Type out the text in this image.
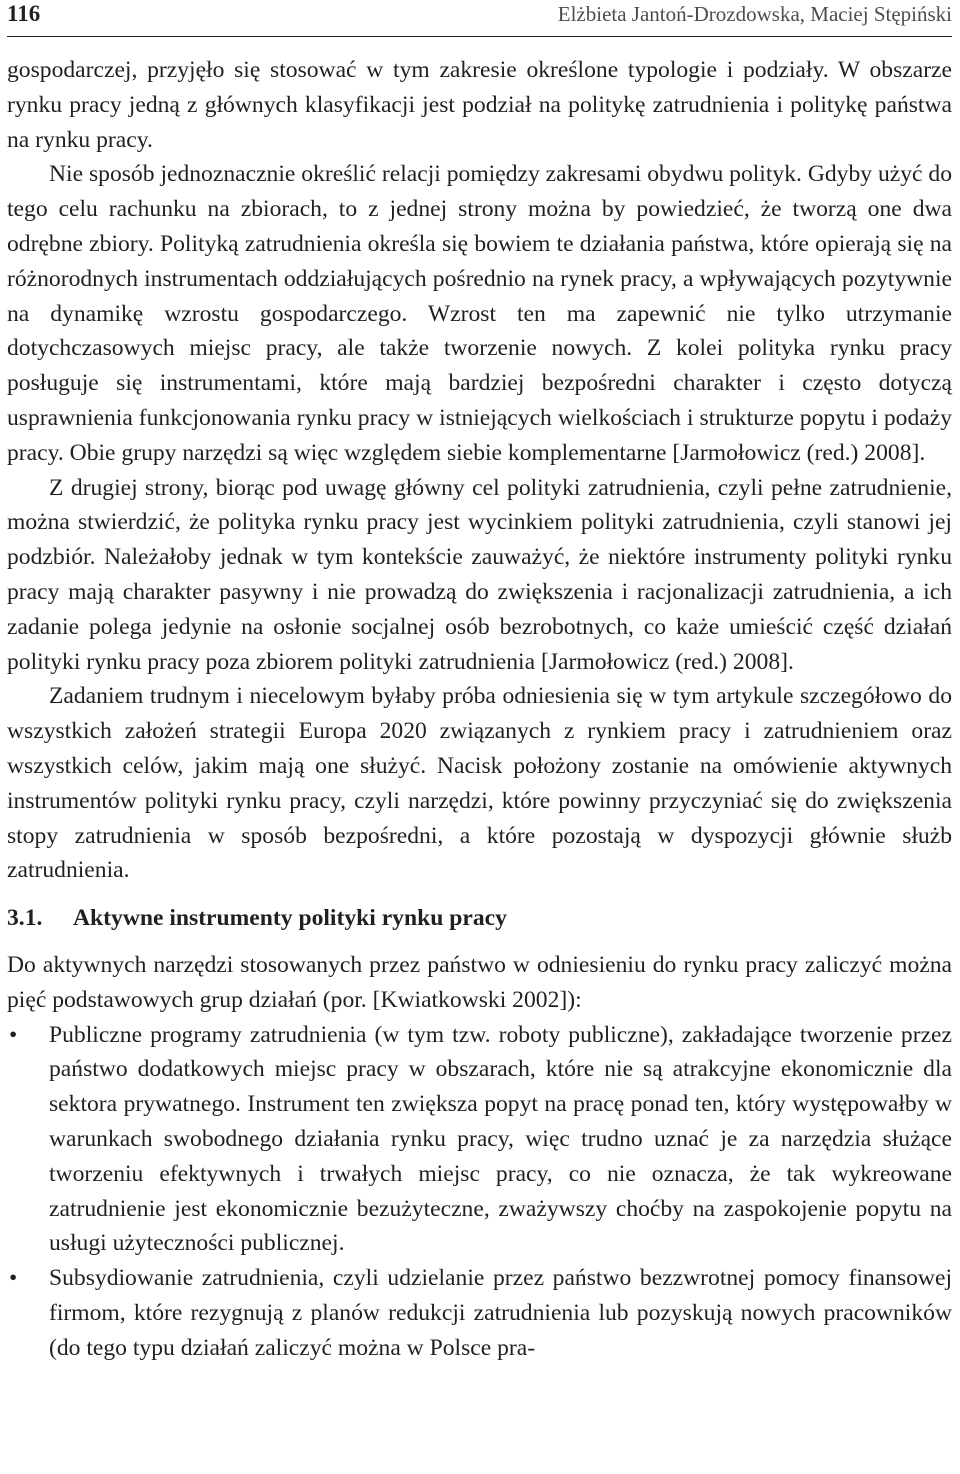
116	Elżbieta Jantoń-Drozdowska, Maciej Stępiński

gospodarczej, przyjęło się stosować w tym zakresie określone typologie i podziały. W obszarze rynku pracy jedną z głównych klasyfikacji jest podział na politykę zatrudnienia i politykę państwa na rynku pracy.

Nie sposób jednoznacznie określić relacji pomiędzy zakresami obydwu polityk. Gdyby użyć do tego celu rachunku na zbiorach, to z jednej strony można by powiedzieć, że tworzą one dwa odrębne zbiory. Polityką zatrudnienia określa się bowiem te działania państwa, które opierają się na różnorodnych instrumentach oddziałujących pośrednio na rynek pracy, a wpływających pozytywnie na dynamikę wzrostu gospodarczego. Wzrost ten ma zapewnić nie tylko utrzymanie dotychczasowych miejsc pracy, ale także tworzenie nowych. Z kolei polityka rynku pracy posługuje się instrumentami, które mają bardziej bezpośredni charakter i często dotyczą usprawnienia funkcjonowania rynku pracy w istniejących wielkościach i strukturze popytu i podaży pracy. Obie grupy narzędzi są więc względem siebie komplementarne [Jarmołowicz (red.) 2008].

Z drugiej strony, biorąc pod uwagę główny cel polityki zatrudnienia, czyli pełne zatrudnienie, można stwierdzić, że polityka rynku pracy jest wycinkiem polityki zatrudnienia, czyli stanowi jej podzbiór. Należałoby jednak w tym kontekście zauważyć, że niektóre instrumenty polityki rynku pracy mają charakter pasywny i nie prowadzą do zwiększenia i racjonalizacji zatrudnienia, a ich zadanie polega jedynie na osłonie socjalnej osób bezrobotnych, co każe umieścić część działań polityki rynku pracy poza zbiorem polityki zatrudnienia [Jarmołowicz (red.) 2008].

Zadaniem trudnym i niecelowym byłaby próba odniesienia się w tym artykule szczegółowo do wszystkich założeń strategii Europa 2020 związanych z rynkiem pracy i zatrudnieniem oraz wszystkich celów, jakim mają one służyć. Nacisk położony zostanie na omówienie aktywnych instrumentów polityki rynku pracy, czyli narzędzi, które powinny przyczyniać się do zwiększenia stopy zatrudnienia w sposób bezpośredni, a które pozostają w dyspozycji głównie służb zatrudnienia.

3.1.	Aktywne instrumenty polityki rynku pracy

Do aktywnych narzędzi stosowanych przez państwo w odniesieniu do rynku pracy zaliczyć można pięć podstawowych grup działań (por. [Kwiatkowski 2002]):

• Publiczne programy zatrudnienia (w tym tzw. roboty publiczne), zakładające tworzenie przez państwo dodatkowych miejsc pracy w obszarach, które nie są atrakcyjne ekonomicznie dla sektora prywatnego. Instrument ten zwiększa popyt na pracę ponad ten, który występowałby w warunkach swobodnego działania rynku pracy, więc trudno uznać je za narzędzia służące tworzeniu efektywnych i trwałych miejsc pracy, co nie oznacza, że tak wykreowane zatrudnienie jest ekonomicznie bezużyteczne, zważywszy choćby na zaspokojenie popytu na usługi użyteczności publicznej.
• Subsydiowanie zatrudnienia, czyli udzielanie przez państwo bezzwrotnej pomocy finansowej firmom, które rezygnują z planów redukcji zatrudnienia lub pozyskują nowych pracowników (do tego typu działań zaliczyć można w Polsce pra-
